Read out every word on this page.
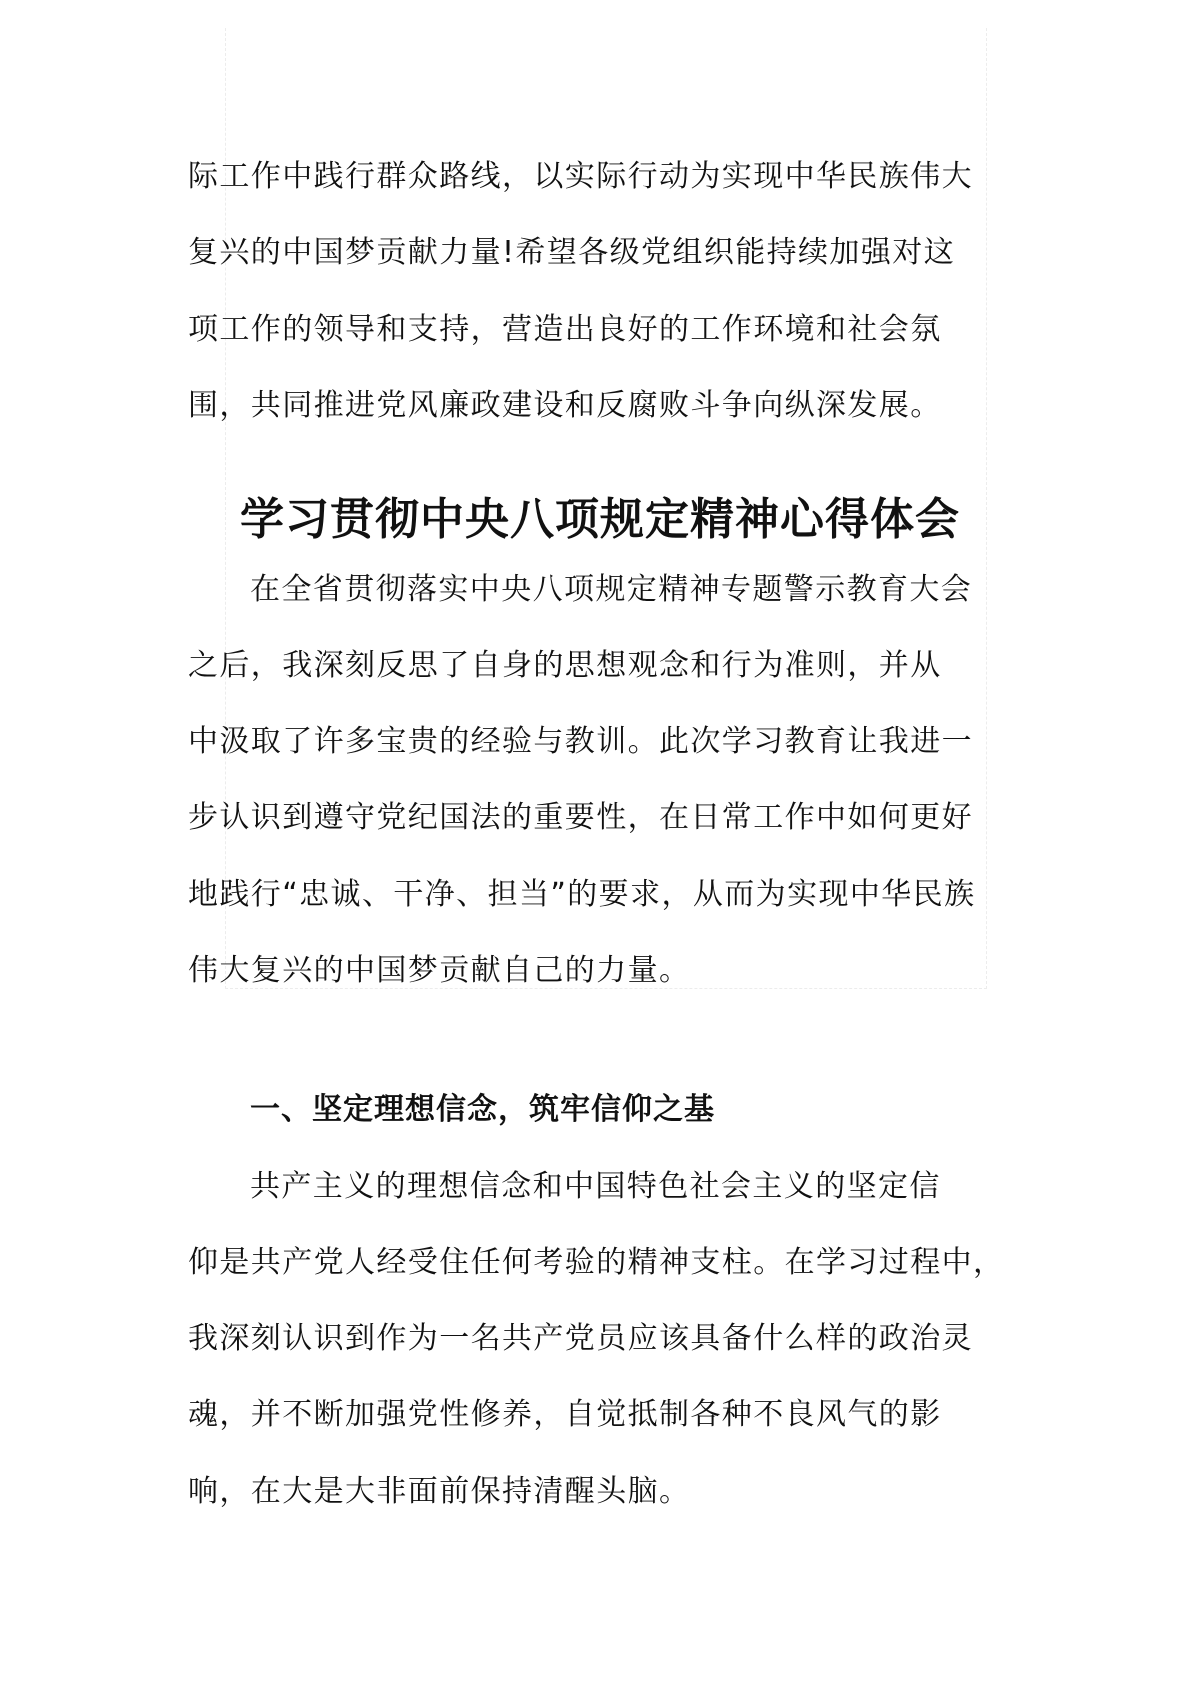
际工作中践行群众路线，以实际行动为实现中华民族伟大
复兴的中国梦贡献力量!希望各级党组织能持续加强对这
项工作的领导和支持，营造出良好的工作环境和社会氛
围，共同推进党风廉政建设和反腐败斗争向纵深发展。
学习贯彻中央八项规定精神心得体会
在全省贯彻落实中央八项规定精神专题警示教育大会
之后，我深刻反思了自身的思想观念和行为准则，并从
中汲取了许多宝贵的经验与教训。此次学习教育让我进一
步认识到遵守党纪国法的重要性，在日常工作中如何更好
地践行“忠诚、干净、担当”的要求，从而为实现中华民族
伟大复兴的中国梦贡献自己的力量。
一、坚定理想信念，筑牢信仰之基
共产主义的理想信念和中国特色社会主义的坚定信
仰是共产党人经受住任何考验的精神支柱。在学习过程中，
我深刻认识到作为一名共产党员应该具备什么样的政治灵
魂，并不断加强党性修养，自觉抵制各种不良风气的影
响，在大是大非面前保持清醒头脑。
